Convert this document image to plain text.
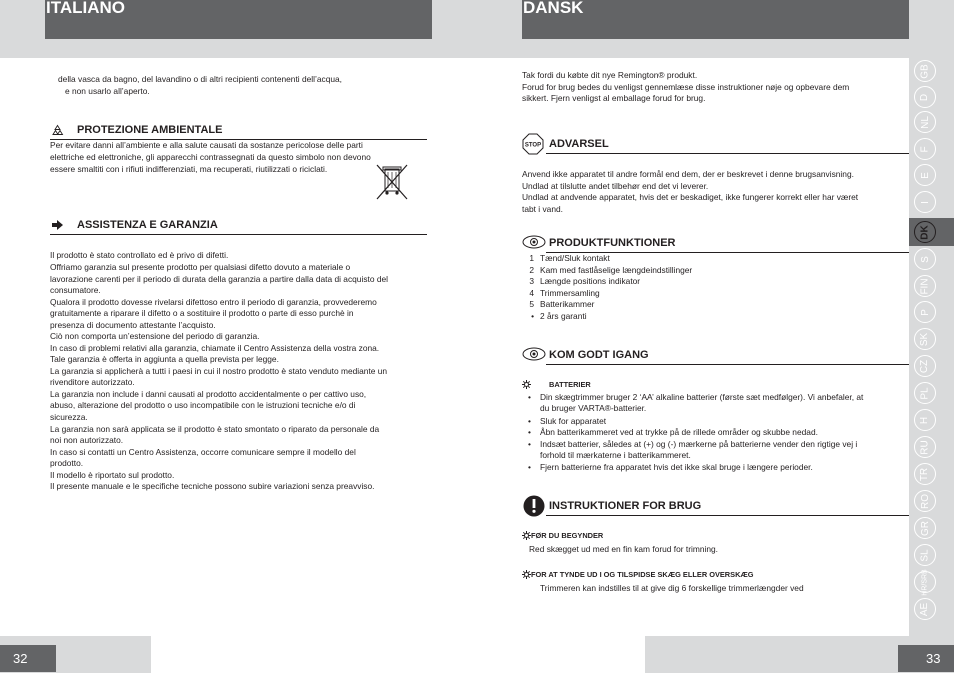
ITALIANO	DANSK
32	33
della vasca da bagno, del lavandino o di altri recipienti contenenti dell’acqua,
e non usarlo all’aperto.
PROTEZIONE AMBIENTALE
Per evitare danni all’ambiente e alla salute causati da sostanze pericolose delle parti
elettriche ed elettroniche, gli apparecchi contrassegnati da questo simbolo non devono
essere smaltiti con i rifiuti indifferenziati, ma recuperati, riutilizzati o riciclati.
ASSISTENZA E GARANZIA
Il prodotto è stato controllato ed è privo di difetti.
Offriamo garanzia sul presente prodotto per qualsiasi difetto dovuto a materiale o
lavorazione carenti per il periodo di durata della garanzia a partire dalla data di acquisto del
consumatore.
Qualora il prodotto dovesse rivelarsi difettoso entro il periodo di garanzia, provvederemo
gratuitamente a riparare il difetto o a sostituire il prodotto o parte di esso purchè in
presenza di documento attestante l’acquisto.
Ciò non comporta un’estensione del periodo di garanzia.
In caso di problemi relativi alla garanzia, chiamate il Centro Assistenza della vostra zona.
Tale garanzia è offerta in aggiunta a quella prevista per legge.
La garanzia si applicherà a tutti i paesi in cui il nostro prodotto è stato venduto mediante un
rivenditore autorizzato.
La garanzia non include i danni causati al prodotto accidentalmente o per cattivo uso,
abuso, alterazione del prodotto o uso incompatibile con le istruzioni tecniche e/o di
sicurezza.
La garanzia non sarà applicata se il prodotto è stato smontato o riparato da personale da
noi non autorizzato.
In caso si contatti un Centro Assistenza, occorre comunicare sempre il modello del
prodotto.
Il modello è riportato sul prodotto.
Il presente manuale e le specifiche tecniche possono subire variazioni senza preavviso.
Tak fordi du købte dit nye Remington® produkt.
Forud for brug bedes du venligst gennemlæse disse instruktioner nøje og opbevare dem
sikkert. Fjern venligst al emballage forud for brug.
STOP ADVARSEL
Anvend ikke apparatet til andre formål end dem, der er beskrevet i denne brugsanvisning.
Undlad at tilslutte andet tilbehør end det vi leverer.
Undlad at andvende apparatet, hvis det er beskadiget, ikke fungerer korrekt eller har været
tabt i vand.
PRODUKTFUNKTIONER
1 Tænd/Sluk kontakt
2 Kam med fastlåselige længdeindstillinger
3 Længde positions indikator
4 Trimmersamling
5 Batterikammer
• 2 års garanti
KOM GODT IGANG
BATTERIER
• Din skægtrimmer bruger 2 ‘AA’ alkaline batterier (første sæt medfølger). Vi anbefaler, at
du bruger VARTA®-batterier.
• Sluk for apparatet
• Åbn batterikammeret ved at trykke på de rillede områder og skubbe nedad.
• Indsæt batterier, således at (+) og (-) mærkerne på batterierne vender den rigtige vej i
forhold til mærkaterne i batterikammeret.
• Fjern batterierne fra apparatet hvis det ikke skal bruge i længere perioder.
INSTRUKTIONER FOR BRUG
FØR DU BEGYNDER
Red skægget ud med en fin kam forud for trimning.
FOR AT TYNDE UD I OG TILSPIDSE SKÆG ELLER OVERSKÆG
Trimmeren kan indstilles til at give dig 6 forskellige trimmerlængder ved
GB
D
NL
F
E
I
DK
S
FIN
P
SK
CZ
PL
H
RU
TR
RO
GR
SL
HR/SRB
AE
